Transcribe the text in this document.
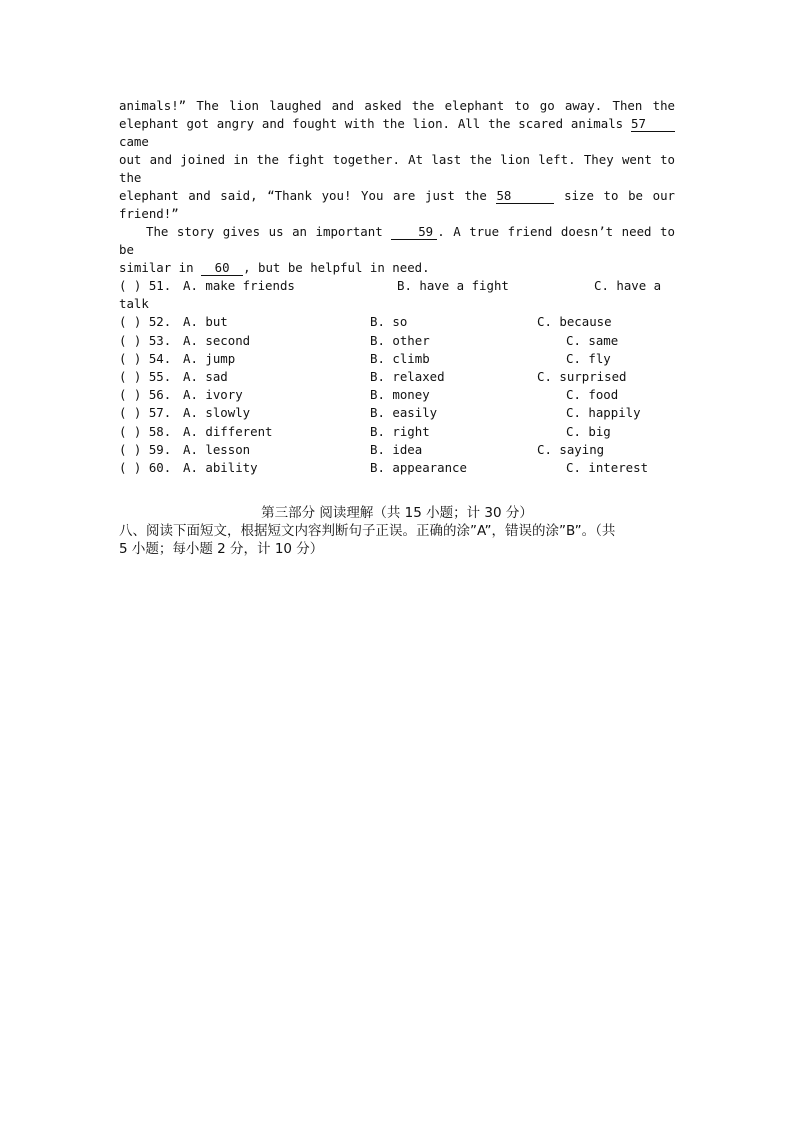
animals!” The lion laughed and asked the elephant to go away. Then the

elephant got angry and fought with the lion. All the scared animals 57 came

out and joined in the fight together. At last the lion left. They went to the

elephant and said, “Thank you! You are just the 58	size to be our

friend!”

The story gives us an important	59 . A true friend doesn’t need to be

similar in 60 , but be helpful in need.

( ) 51. A. make friends	B. have a fight	C. have a
talk
( ) 52. A. but	B. so	C. because
( ) 53. A. second	B. other	C. same
( ) 54. A. jump	B. climb	C. fly
( ) 55. A. sad	B. relaxed	C. surprised
( ) 56. A. ivory	B. money	C. food
( ) 57. A. slowly	B. easily	C. happily
( ) 58. A. different	B. right	C. big
( ) 59. A. lesson	B. idea	C. saying
( ) 60. A. ability	B. appearance	C. interest
第三部分 阅读理解（共 15 小题；计 30 分）
八、阅读下面短文，根据短文内容判断句子正误。正确的涂”A”，错误的涂”B”。（共
5 小题；每小题 2 分，计 10 分）
